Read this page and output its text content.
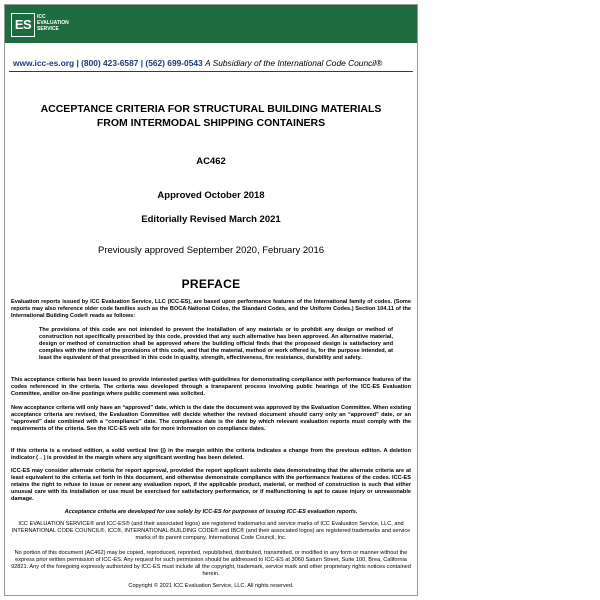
ES	ICC
EVALUATION
SERVICE
www.icc-es.org | (800) 423-6587 | (562) 699-0543 A Subsidiary of the International Code Council®
ACCEPTANCE CRITERIA FOR STRUCTURAL BUILDING MATERIALS
FROM INTERMODAL SHIPPING CONTAINERS
AC462
Approved October 2018
Editorially Revised March 2021
Previously approved September 2020, February 2016
PREFACE

Evaluation reports issued by ICC Evaluation Service, LLC (ICC-ES), are based upon performance features of the International family of codes. (Some reports may also reference older code families such as the BOCA National Codes, the Standard Codes, and the Uniform Codes.) Section 104.11 of the International Building Code® reads as follows:

The provisions of this code are not intended to prevent the installation of any materials or to prohibit any design or method of construction not specifically prescribed by this code, provided that any such alternative has been approved. An alternative material, design or method of construction shall be approved where the building official finds that the proposed design is satisfactory and complies with the intent of the provisions of this code, and that the material, method or work offered is, for the purpose intended, at least the equivalent of that prescribed in this code in quality, strength, effectiveness, fire resistance, durability and safety.

This acceptance criteria has been issued to provide interested parties with guidelines for demonstrating compliance with performance features of the codes referenced in the criteria. The criteria was developed through a transparent process involving public hearings of the ICC-ES Evaluation Committee, and/or on-line postings where public comment was solicited.

New acceptance criteria will only have an “approved” date, which is the date the document was approved by the Evaluation Committee. When existing acceptance criteria are revised, the Evaluation Committee will decide whether the revised document should carry only an “approved” date, or an “approved” date combined with a “compliance” date. The compliance date is the date by which relevant evaluation reports must comply with the requirements of the criteria. See the ICC-ES web site for more information on compliance dates.

If this criteria is a revised edition, a solid vertical line (|) in the margin within the criteria indicates a change from the previous edition. A deletion indicator (→) is provided in the margin where any significant wording has been deleted.

ICC-ES may consider alternate criteria for report approval, provided the report applicant submits data demonstrating that the alternate criteria are at least equivalent to the criteria set forth in this document, and otherwise demonstrate compliance with the performance features of the codes. ICC-ES retains the right to refuse to issue or renew any evaluation report, if the applicable product, material, or method of construction is such that either unusual care with its installation or use must be exercised for satisfactory performance, or if malfunctioning is apt to cause injury or unreasonable damage.

Acceptance criteria are developed for use solely by ICC-ES for purposes of issuing ICC-ES evaluation reports.
ICC EVALUATION SERVICE® and ICC-ES® (and their associated logos) are registered trademarks and service marks of ICC Evaluation Service, LLC, and INTERNATIONAL CODE COUNCIL®, ICC®, INTERNATIONAL BUILDING CODE® and IBC® (and their associated logos) are registered trademarks and service marks of its parent company, International Code Council, Inc.
No portion of this document (AC462) may be copied, reproduced, reprinted, republished, distributed, transmitted, or modified in any form or manner without the express prior written permission of ICC-ES. Any request for such permission should be addressed to ICC-ES at 3060 Saturn Street, Suite 100, Brea, California 92821. Any of the foregoing expressly authorized by ICC-ES must include all the copyright, trademark, service mark and other proprietary rights notices contained herein.
Copyright © 2021 ICC Evaluation Service, LLC. All rights reserved.
